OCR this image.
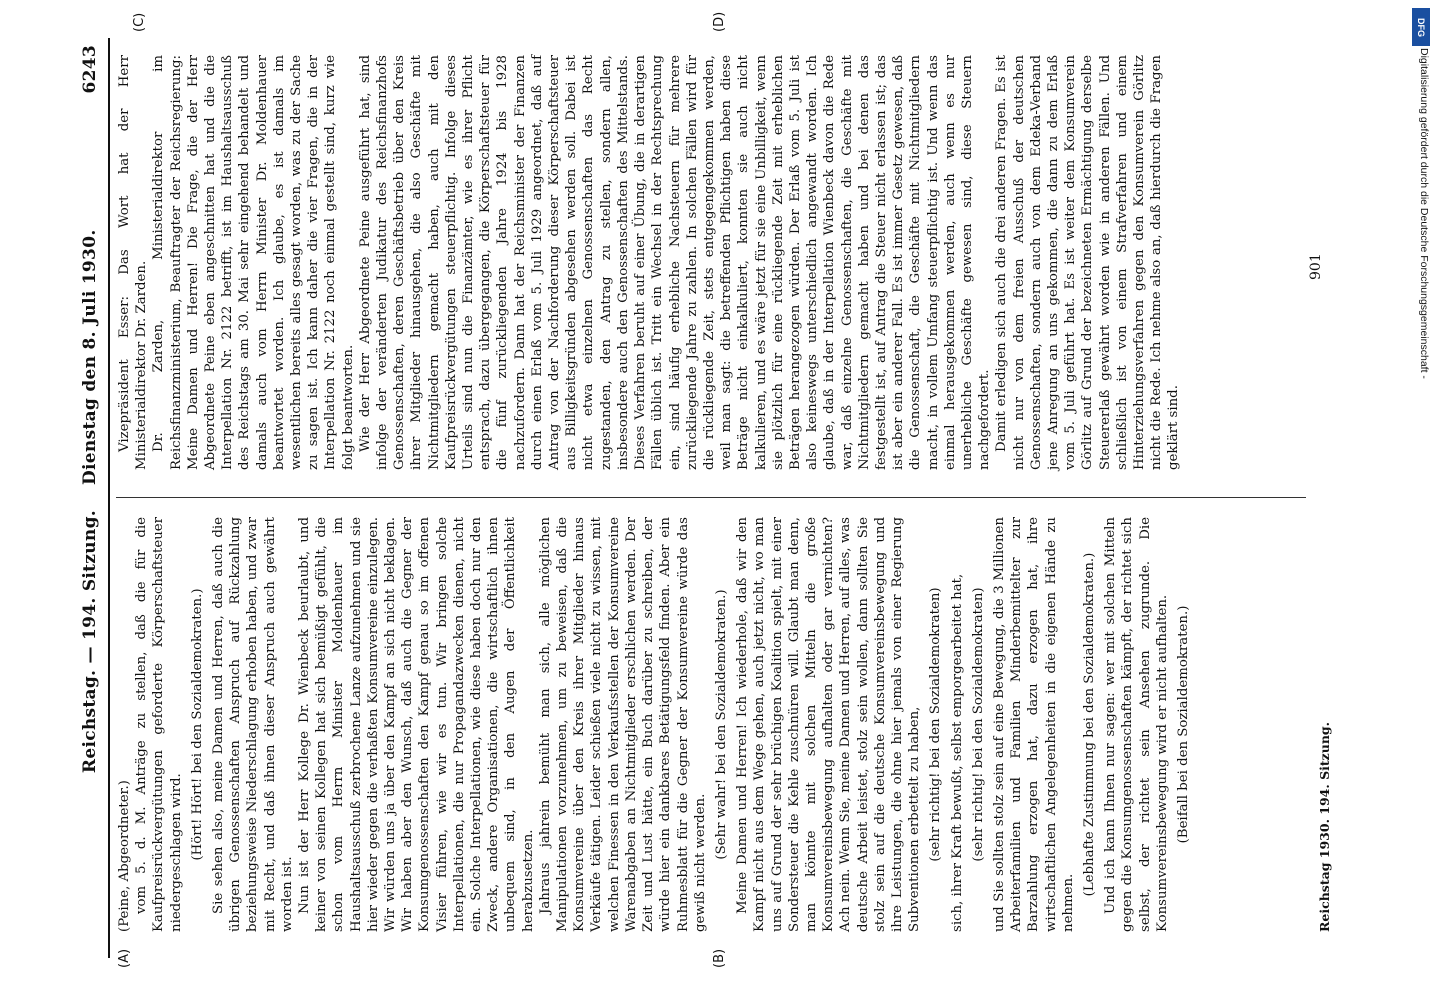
Reichstag. — 194. Sitzung.
Dienstag den 8. Juli 1930.
6243
(A)	(B)
(C)	(D)

(Peine, Abgeordneter.) vom 5. d. M. Anträge zu stellen, daß die für die Kaufpreisrückvergütungen geforderte Körperschaftsteuer niedergeschlagen wird. (Hört! Hört! bei den Sozialdemokraten.) Sie sehen also, meine Damen und Herren, daß auch die übrigen Genossenschaften Anspruch auf Rückzahlung beziehungsweise Niederschlagung erhoben haben, und zwar mit Recht, und daß ihnen dieser Anspruch auch gewährt worden ist. Nun ist der Herr Kollege Dr. Wienbeck beurlaubt, und keiner von seinen Kollegen hat sich bemüßigt gefühlt, die schon vom Herrn Minister Moldenhauer im Haushaltsausschuß zerbrochene Lanze aufzunehmen und sie hier wieder gegen die verhaßten Konsumvereine einzulegen. Wir würden uns ja über den Kampf an sich nicht beklagen. Wir haben aber den Wunsch, daß auch die Gegner der Konsumgenossenschaften den Kampf genau so im offenen Visier führen, wie wir es tun. Wir bringen solche Interpellationen, die nur Propagandazwecken dienen, nicht ein. Solche Interpellationen, wie diese haben doch nur den Zweck, andere Organisationen, die wirtschaftlich ihnen unbequem sind, in den Augen der Öffentlichkeit herabzusetzen. Jahraus jahrein bemüht man sich, alle möglichen Manipulationen vorzunehmen, um zu beweisen, daß die Konsumvereine über den Kreis ihrer Mitglieder hinaus Verkäufe tätigen. Leider schießen viele nicht zu wissen, mit welchen Finessen in den Verkaufsstellen der Konsumvereine Warenabgaben an Nichtmitglieder erschlichen werden. Der Zeit und Lust hätte, ein Buch darüber zu schreiben, der würde hier ein dankbares Betätigungsfeld finden. Aber ein Ruhmesblatt für die Gegner der Konsumvereine würde das gewiß nicht werden.

(Sehr wahr! bei den Sozialdemokraten.) Meine Damen und Herren! Ich wiederhole, daß wir den Kampf nicht aus dem Wege gehen, auch jetzt nicht, wo man uns auf Grund der sehr brüchigen Koalition spielt, mit einer Sondersteuer die Kehle zuschnüren will. Glaubt man denn, man könnte mit solchen Mitteln die große Konsumvereinsbewegung aufhalten oder gar vernichten? Ach nein. Wenn Sie, meine Damen und Herren, auf alles, was deutsche Arbeit leistet, stolz sein wollen, dann sollten Sie stolz sein auf die deutsche Konsumvereinsbewegung und ihre Leistungen, die ohne hier jemals von einer Regierung Subventionen erbettelt zu haben, (sehr richtig! bei den Sozialdemokraten) sich, ihrer Kraft bewußt, selbst emporgearbeitet hat, (sehr richtig! bei den Sozialdemokraten) und Sie sollten stolz sein auf eine Bewegung, die 3 Millionen Arbeiterfamilien und Familien Minderbemittelter zur Barzahlung erzogen hat, dazu erzogen hat, ihre wirtschaftlichen Angelegenheiten in die eigenen Hände zu nehmen.

(Lebhafte Zustimmung bei den Sozialdemokraten.) Und ich kann Ihnen nur sagen: wer mit solchen Mitteln gegen die Konsumgenossenschaften kämpft, der richtet sich selbst, der richtet sein Ansehen zugrunde. Die Konsumvereinsbewegung wird er nicht aufhalten. (Beifall bei den Sozialdemokraten.)

Vizepräsident Esser: Das Wort hat der Herr Ministerialdirektor Dr. Zarden. Dr. Zarden, Ministerialdirektor im Reichsfinanzministerium, Beauftragter der Reichsregierung: Meine Damen und Herren! Die Frage, die der Herr Abgeordnete Peine eben angeschnitten hat und die die Interpellation Nr. 2122 betrifft, ist im Haushaltsausschuß des Reichstags am 30. Mai sehr eingehend behandelt und damals auch vom Herrn Minister Dr. Moldenhauer beantwortet worden. Ich glaube, es ist damals im wesentlichen bereits alles gesagt worden, was zu der Sache zu sagen ist. Ich kann daher die vier Fragen, die in der Interpellation Nr. 2122 noch einmal gestellt sind, kurz wie folgt beantworten. Wie der Herr Abgeordnete Peine ausgeführt hat, sind infolge der veränderten Judikatur des Reichsfinanzhofs Genossenschaften, deren Geschäftsbetrieb über den Kreis ihrer Mitglieder hinausgehen, die also Geschäfte mit Nichtmitgliedern gemacht haben, auch mit den Kaufpreisrückvergütungen steuerpflichtig. Infolge dieses Urteils sind nun die Finanzämter, wie es ihrer Pflicht entsprach, dazu übergegangen, die Körperschaftsteuer für die fünf zurückliegenden Jahre 1924 bis 1928 nachzufordern. Dann hat der Reichsminister der Finanzen durch einen Erlaß vom 5. Juli 1929 angeordnet, daß auf Antrag von der Nachforderung dieser Körperschaftsteuer aus Billigkeitsgründen abgesehen werden soll. Dabei ist nicht etwa einzelnen Genossenschaften das Recht zugestanden, den Antrag zu stellen, sondern allen, insbesondere auch den Genossenschaften des Mittelstands. Dieses Verfahren beruht auf einer Übung, die in derartigen Fällen üblich ist. Tritt ein Wechsel in der Rechtsprechung ein, sind häufig erhebliche Nachsteuern für mehrere zurückliegende Jahre zu zahlen. In solchen Fällen wird für die rückliegende Zeit, stets entgegengekommen werden, weil man sagt: die betreffenden Pflichtigen haben diese Beträge nicht einkalkuliert, konnten sie auch nicht kalkulieren, und es wäre jetzt für sie eine Unbilligkeit, wenn sie plötzlich für eine rückliegende Zeit mit erheblichen Beträgen herangezogen würden. Der Erlaß vom 5. Juli ist also keineswegs unterschiedlich angewandt worden. Ich glaube, daß in der Interpellation Wienbeck davon die Rede war, daß einzelne Genossenschaften, die Geschäfte mit Nichtmitgliedern gemacht haben und bei denen das festgestellt ist, auf Antrag die Steuer nicht erlassen ist; das ist aber ein anderer Fall. Es ist immer Gesetz gewesen, daß die Genossenschaft, die Geschäfte mit Nichtmitgliedern macht, in vollem Umfang steuerpflichtig ist. Und wenn das einmal herausgekommen werden, auch wenn es nur unerhebliche Geschäfte gewesen sind, diese Steuern nachgefordert. Damit erledigen sich auch die drei anderen Fragen. Es ist nicht nur von dem freien Ausschuß der deutschen Genossenschaften, sondern auch von dem Edeka-Verband jene Anregung an uns gekommen, die dann zu dem Erlaß vom 5. Juli geführt hat. Es ist weiter dem Konsumverein Görlitz auf Grund der bezeichneten Ermächtigung derselbe Steuererlaß gewährt worden wie in anderen Fällen. Und schließlich ist von einem Strafverfahren und einem Hinterziehungsverfahren gegen den Konsumverein Görlitz nicht die Rede. Ich nehme also an, daß hierdurch die Fragen geklärt sind.

Reichstag 1930. 194. Sitzung.
901
DFG
Digitalisierung gefördert durch die Deutsche Forschungsgemeinschaft -
